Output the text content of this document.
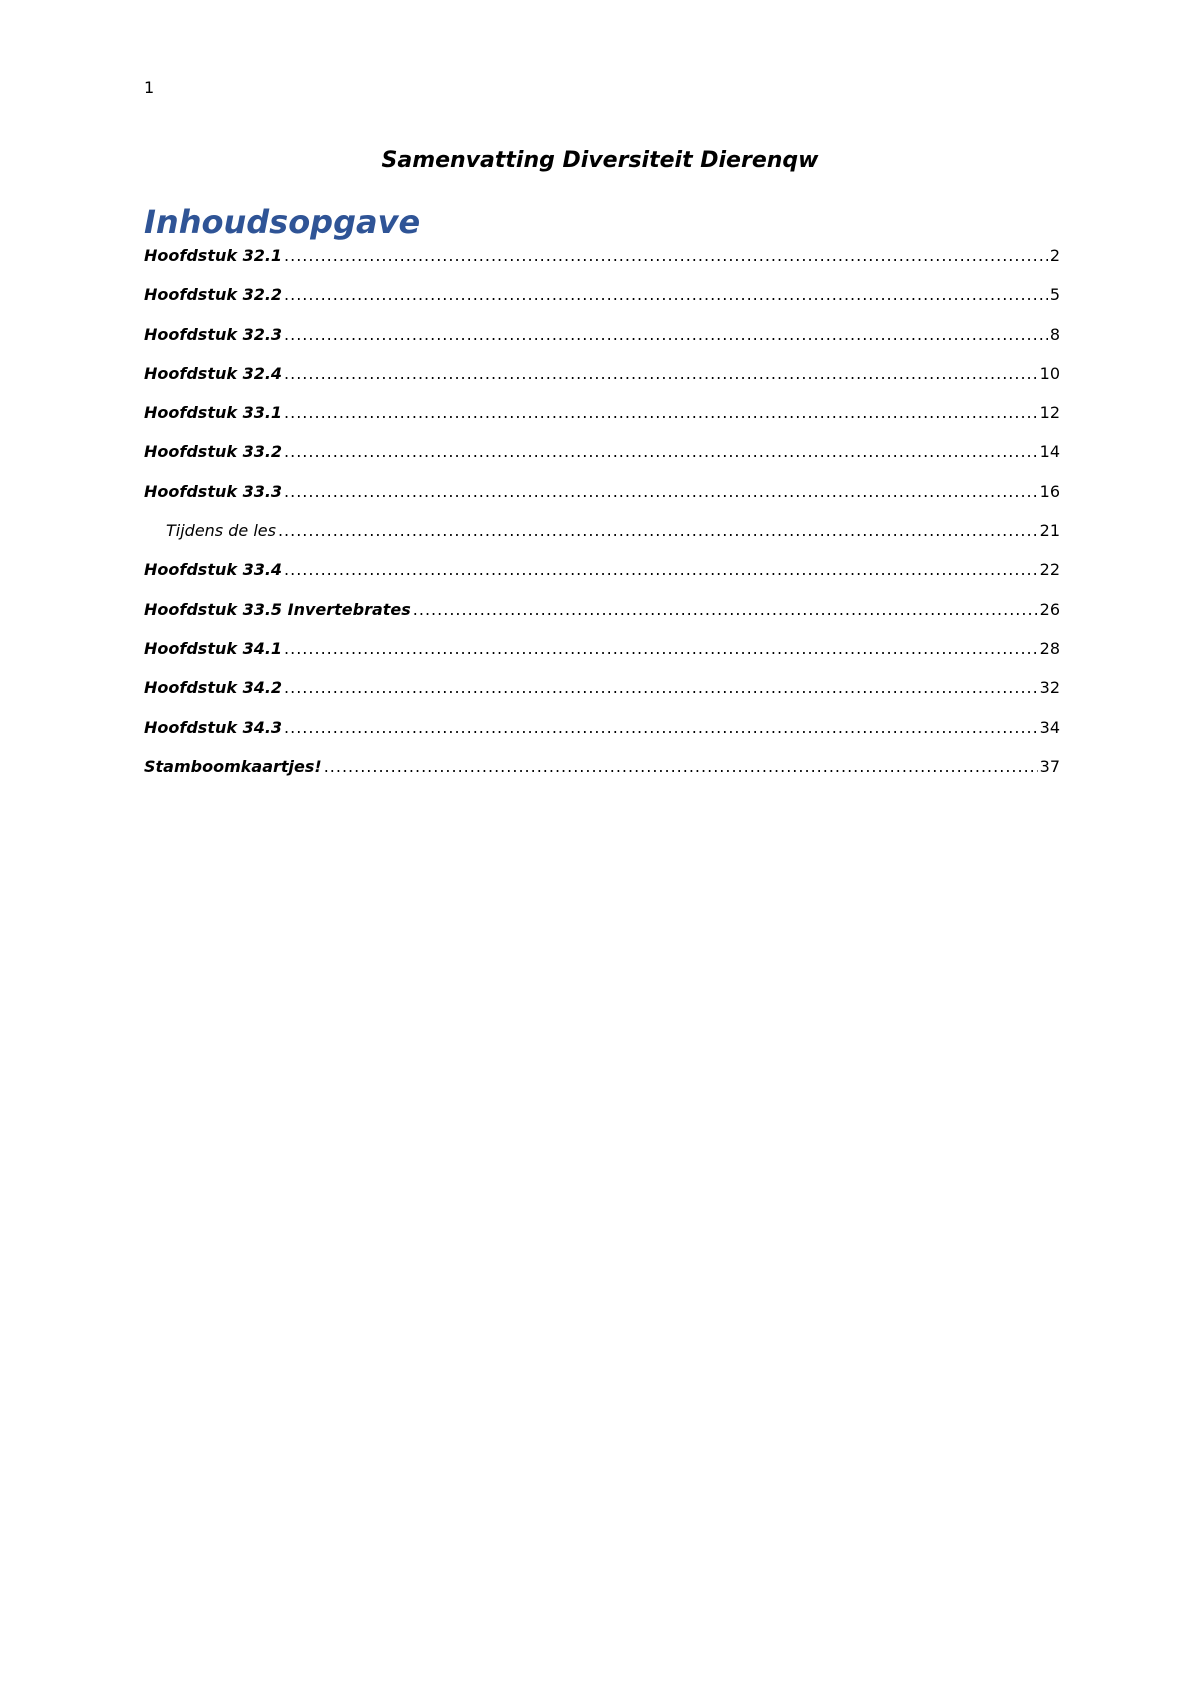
1
Samenvatting Diversiteit Dierenqw
Inhoudsopgave
Hoofdstuk 32.1 .....	2
Hoofdstuk 32.2 .....	5
Hoofdstuk 32.3 .....	8
Hoofdstuk 32.4 .....	10
Hoofdstuk 33.1 .....	12
Hoofdstuk 33.2 .....	14
Hoofdstuk 33.3 .....	16
Tijdens de les .....	21
Hoofdstuk 33.4 .....	22
Hoofdstuk 33.5 Invertebrates .....	26
Hoofdstuk 34.1 .....	28
Hoofdstuk 34.2 .....	32
Hoofdstuk 34.3 .....	34
Stamboomkaartjes! .....	37
